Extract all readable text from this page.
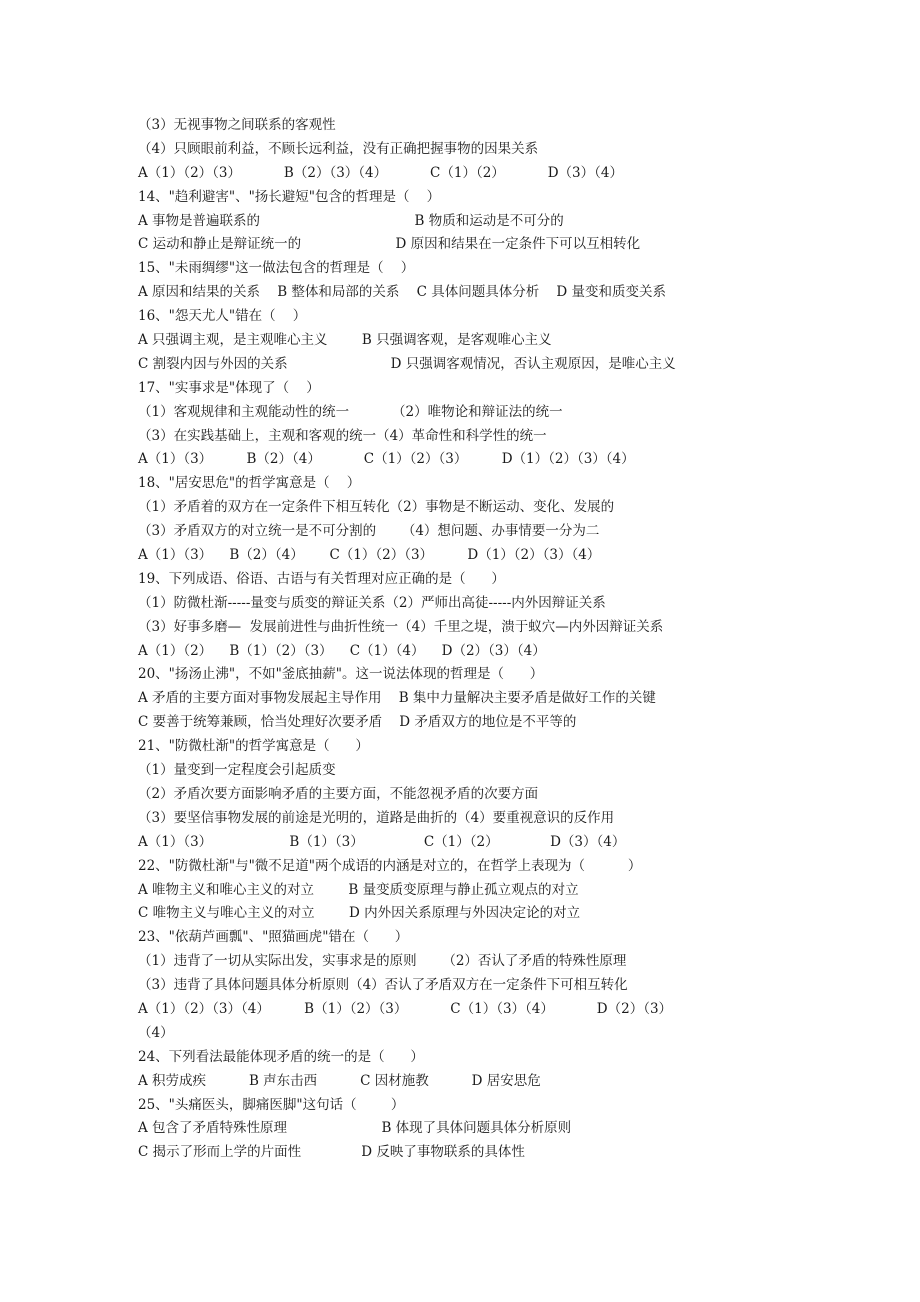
（3）无视事物之间联系的客观性
（4）只顾眼前利益，不顾长远利益，没有正确把握事物的因果关系
A（1）（2）（3）          B（2）（3）（4）          C（1）（2）          D（3）（4）
14、"趋利避害"、"扬长避短"包含的哲理是（    ）
A 事物是普遍联系的                                    B 物质和运动是不可分的
C 运动和静止是辩证统一的                      D 原因和结果在一定条件下可以互相转化
15、"未雨绸缪"这一做法包含的哲理是（    ）
A 原因和结果的关系    B 整体和局部的关系    C 具体问题具体分析    D 量变和质变关系
16、"怨天尤人"错在（    ）
A 只强调主观，是主观唯心主义        B 只强调客观，是客观唯心主义
C 割裂内因与外因的关系                        D 只强调客观情况，否认主观原因，是唯心主义
17、"实事求是"体现了（    ）
（1）客观规律和主观能动性的统一          （2）唯物论和辩证法的统一
（3）在实践基础上，主观和客观的统一（4）革命性和科学性的统一
A（1）（3）        B（2）（4）          C（1）（2）（3）        D（1）（2）（3）（4）
18、"居安思危"的哲学寓意是（    ）
（1）矛盾着的双方在一定条件下相互转化（2）事物是不断运动、变化、发展的
（3）矛盾双方的对立统一是不可分割的      （4）想问题、办事情要一分为二
A（1）（3）    B（2）（4）      C（1）（2）（3）        D（1）（2）（3）（4）
19、下列成语、俗语、古语与有关哲理对应正确的是（      ）
（1）防微杜渐-----量变与质变的辩证关系（2）严师出高徒-----内外因辩证关系
（3）好事多磨—  发展前进性与曲折性统一（4）千里之堤，溃于蚁穴—内外因辩证关系
A（1）（2）    B（1）（2）（3）    C（1）（4）    D（2）（3）（4）
20、"扬汤止沸"，不如"釜底抽薪"。这一说法体现的哲理是（      ）
A 矛盾的主要方面对事物发展起主导作用    B 集中力量解决主要矛盾是做好工作的关键
C 要善于统筹兼顾，恰当处理好次要矛盾    D 矛盾双方的地位是不平等的
21、"防微杜渐"的哲学寓意是（      ）
（1）量变到一定程度会引起质变
（2）矛盾次要方面影响矛盾的主要方面，不能忽视矛盾的次要方面
（3）要坚信事物发展的前途是光明的，道路是曲折的（4）要重视意识的反作用
A（1）（3）                  B（1）（3）              C（1）（2）            D（3）（4）
22、"防微杜渐"与"微不足道"两个成语的内涵是对立的，在哲学上表现为（          ）
A 唯物主义和唯心主义的对立        B 量变质变原理与静止孤立观点的对立
C 唯物主义与唯心主义的对立        D 内外因关系原理与外因决定论的对立
23、"依葫芦画瓢"、"照猫画虎"错在（      ）
（1）违背了一切从实际出发，实事求是的原则      （2）否认了矛盾的特殊性原理
（3）违背了具体问题具体分析原则（4）否认了矛盾双方在一定条件下可相互转化
A（1）（2）（3）（4）        B（1）（2）（3）          C（1）（3）（4）          D（2）（3）
（4）
24、下列看法最能体现矛盾的统一的是（      ）
A 积劳成疾          B 声东击西          C 因材施教          D 居安思危
25、"头痛医头，脚痛医脚"这句话（        ）
A 包含了矛盾特殊性原理                      B 体现了具体问题具体分析原则
C 揭示了形而上学的片面性              D 反映了事物联系的具体性
